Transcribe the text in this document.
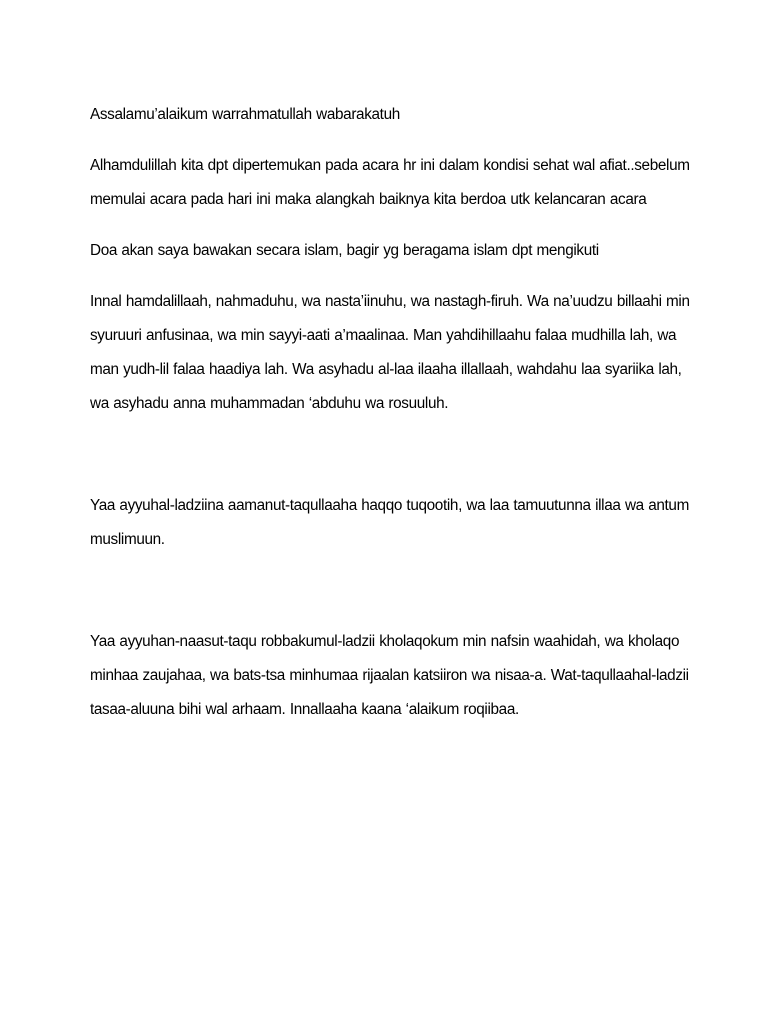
Assalamu’alaikum warrahmatullah wabarakatuh

Alhamdulillah kita dpt dipertemukan pada acara hr ini dalam kondisi sehat wal afiat..sebelum memulai acara pada hari ini maka alangkah baiknya kita berdoa utk kelancaran acara

Doa akan saya bawakan secara islam, bagir yg beragama islam dpt mengikuti

Innal hamdalillaah, nahmaduhu, wa nasta’iinuhu, wa nastagh-firuh. Wa na’uudzu billaahi min syuruuri anfusinaa, wa min sayyi-aati a’maalinaa. Man yahdihillaahu falaa mudhilla lah, wa man yudh-lil falaa haadiya lah. Wa asyhadu al-laa ilaaha illallaah, wahdahu laa syariika lah, wa asyhadu anna muhammadan ‘abduhu wa rosuuluh.

Yaa ayyuhal-ladziina aamanut-taqullaaha haqqo tuqootih, wa laa tamuutunna illaa wa antum muslimuun.

Yaa ayyuhan-naasut-taqu robbakumul-ladzii kholaqokum min nafsin waahidah, wa kholaqo minhaa zaujahaa, wa bats-tsa minhumaa rijaalan katsiiron wa nisaa-a. Wat-taqullaahal-ladzii tasaa-aluuna bihi wal arhaam. Innallaaha kaana ‘alaikum roqiibaa.
